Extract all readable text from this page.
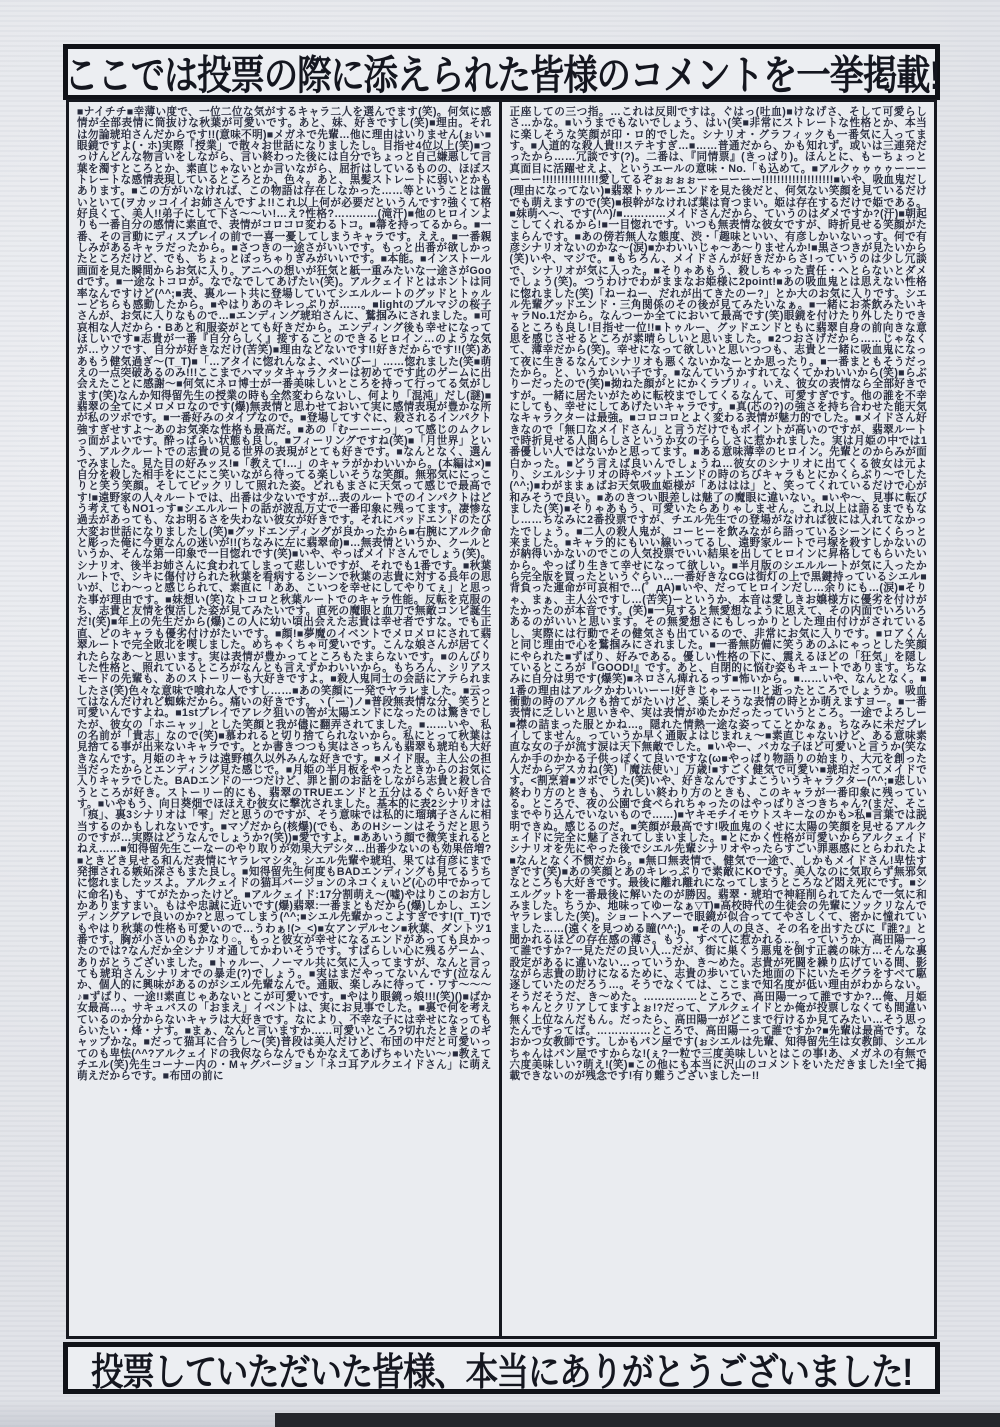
ここでは投票の際に添えられた皆様のコメントを一挙掲載!
■ナイチチ■幸薄い度で、一位二位な気がするキャラ二人を選んでます(笑)。何気に感情が全部表情に筒抜けな秋葉が可愛いです。あと、妹、好きですし(笑)■理由。それは勿論琥珀さんだからです!!(意味不明)■メガネで先輩…他に理由はいりません(ぉい■眼鏡ですよ(・ホ)実際「授業」で散々お世話になりましたし。目指せ4位以上(笑)■つっけんどんな物言いをしながら、言い終わった後には自分でちょっと自己嫌悪して言葉を濁すところとか、素直じゃないとか言いながら、屈折はしているものの、ほぼストレートな感情表現しているところとか、色々。あと、黒髪ストレートに弱いとかもあります。■この方がいなければ、この物語は存在しなかった……等ということは置いといて(ヲカッコイイお姉さんですよ!!これ以上何が必要だというんです?強くて格好良くて、美人!!弟子にして下さ〜〜い!…え?性格?…………(滝汗)■他のヒロインよりも一番自分の感情に素直で、表情がコロコロ変わるトコ。■箒を持ってるから。■一番、その言動にディスプレイの前で一喜一憂してしまうキャラです。ええ。■一番親しみがあるキャラだったから。■さつきの一途さがいいです。もっと出番が欲しかったところだけど、でも、ちょっとぼっちゃりぎみがいいです。■本能。■インストール画面を見た瞬間からお気に入り。アニへの想いが狂気と紙一重みたいな一途さがGoodです。■一途なトコロが。なでなでしてあげたい(笑)。アルクェイドとはホントは同率なんですけど(^^;■表、裏ルート共に登場していてシエルルートのグッドとトゥルーどちらも感動したから。■やはりあのキレっぷりが……。■lightのブルマジの桜子さんが、お気に入りなもので…■エンディング琥珀さんに、鷲掴みにされました。■可哀相な人だから・Bあと和服姿がとても好きだから。エンディング後も幸せになってほしいです■志貴が一番『自分らしく』接することのできるヒロイン…のような気が…ウソです、自分が好きなだけ(苦笑)■理由などないです!!好きだからです!!(笑)ああもう健気過ぎ〜(T_T)■「…アタイに惚れんなよ、べいびー」……惚れました(笑■萌えの一点突破あるのみ!!!ここまでハマッタキャラクターは初めてです此のゲームに出会えたことに感謝〜■何気にネロ博士が一番美味しいところを持って行ってる気がします(笑)なんか知得留先生の授業の時も全然変わらないし、何より「混沌」だし(謎)■翡翠の全てにメロメロなのです(爆)無表情と思わせておいて実に感情表現が豊かな所が私のツボです。■一番好みのタイプなので。■登場してすぐに、殺されるインパクト強すぎせすよ〜あのお気楽な性格も最高だ。■あの「むーーーっ」って感じのムクレっ面がよいです。酔っぱらい状態も良し。■フィーリングですね(笑)■「月世界」という、アルクルートでの志貴の見る世界の表現がとても好きです。■なんとなく、選んでみました。見た目の好みッス!■「教えて!…」のキャラがかわいいから。(本編は×)■自分を殺した相手をにこにこ笑いながら待ってる楽しいそうな笑顔。無邪気ににっこりと笑う笑顔。そしてビックリして照れた姿。どれもまさに天気って感じで最高です!■遠野家の人々ルートでは、出番は少ないですが…表のルートでのインパクトはどう考えてもNO1っす■シエルルートの話が波乱万丈で一番印象に残ってます。凄惨な過去があっても、なお明るさを失わない彼女が好きです。それにバッドエンドのたび大変お世話になりましたし(笑)■グッドエンディングが良かったから■右腕にアルク命と彫った俺に今更なんの迷いが!!(ちなみに左に翡翠命)■…無表情というか、クールというか、そんな第一印象で一目惚れです(笑)■いや、やっぱメイドさんでしょう(笑)。シナリオ、後半お姉さんに食われてしまって悲しいですが、それでも1番です。■秋葉ルートで、シキに傷付けられた秋葉を看病するシーンで秋葉の志貴に対する長年の思いが、じわ〜っと感じられて、素直に「ああ、こいつを幸せにしてやりてぇ」と思った事が理由です。■妹想い(笑)なトコロと秋葉ルートでのキャラ性能。反転を克服のち、志貴と友情を復活した姿が見てみたいです。直死の魔眼と血刀で無敵コンビ誕生だ!(笑)■年上の先生だから(爆)この人に幼い頃出会えた志貴は幸せ者ですな。でも正直、どのキャラも優劣付けがたいです。■顔!■夢魔のイベントでメロメロにされて翡翠ルートで完全敗北を喫しました。めちゃくちゃ可愛いです。こんな娘さんが居てくれたらなあ〜と思います。実は表情が豊かってところもたまらないです。■のんびりした性格と、照れているところがなんとも言えずかわいいから。もちろん、シリアスモードの先輩も、あのストーリーも大好きですよ。■殺人鬼同士の会話にアテられましたさ(笑)色々な意味で喰れな人ですし……■あの笑顔に一発でヤラレました。■云ってはなんだけれど蜘蛛だから。痛いの好きです。ヽ(´ー`)ノ■普段無表情な分、笑うと可愛いんですよね。■1stプレイでアレク狙いの筈が太陽エンドになったのは驚きでしたが、彼女の「ホニャッ」とした笑顔と我が儘に翻弄されてました。■……いや、私の名前が「貴志」なので(笑)■慕われると切り捨てられないから。私にとって秋葉は見捨てる事が出来ないキャラです。とか書きつつも実はさっちんも翡翠も琥珀も大好きなんです。月姫のキャラは遠野槙久以外みんな好きです。■メイド服。主人公の担当だったからとエンディング見た感じで。■月姫の半月板をやったときからのお気に入りキャラでした。BADエンドの一つだけど、罪と罰のお話をしながら志貴と殺し合うところが好き。ストーリー的にも、翡翠のTRUEエンドと五分はるぐらい好きです。■いやもう、向日葵畑でほほえむ彼女に撃沈されました。基本的に表2シナリオは「痕」、裏3シナリオは「雫」だと思うのですが、そう意味では私的に瑠璃子さんに相当するのかもしれないです。■マゾだから(核爆)(でも、あのHシーンはそうだと思うのですが…実際はどうなんでしょうか?(笑))■愛ですよ。■ああいう顔で微笑まれるとねえ……■知得留先生こーなーのやり取りが効果大デシタ…出番少ないのも効果倍増?■ときどき見せる和んだ表情にヤラレマシタ。シエル先輩や琥珀、果ては有彦にまで発揮される嫉妬深さもまた良し。■知得留先生何度もBADエンディングも見てるうちに惚れましたッスよ。アルクェイドの猫耳バージョンのネコくぇいど(心の中でかってに命名)も、すてがたかったけど。■アルクェイド:17分割萌え〜(嘘)やはりこのお方しかありますまい。もはや忠誠に近いです(爆)翡翠:一番まともだから(爆)しかし、エンディングアレで良いのか?と思ってしまう(^^;■シエル先輩かっこよすぎです!(T_T)でもやはり秋葉の性格も可愛いので…うわぁ!(>_<)■女アンデルセン■秋葉、ダントツ1番です。胸が小さいのもかなり○。もっと彼女が幸せになるエンドがあっても良かったのでは?なんだか全シナリオ通してかわいそうです。すばらしい心に残るゲーム、ありがとうございました。■トゥルー、ノーマル共に気に入ってますが、なんと言っても琥珀さんシナリオでの暴走(?)でしょう。■実はまだやってないんです(泣なんか、個人的に興味があるのがシエル先輩なんで。通販、楽しみに待って・ワす〜〜〜♪■ずばり、一途!!素直じゃあないとこが可愛いです。■やはり眼鏡っ娘!!!(笑)()■ばか女最高…。サキュバスの「おまえ」イベントは、実にお見事でした。■裏で何を考えているのか分からないキャラは大好きです。なにより、不幸な子には幸せになってもらいたい・烽・ナす。■まぁ、なんと言いますか……可愛いところ?切れたときとのギャップかな。■だって猫耳に合うし〜(笑)普段は美人だけど、布団の中だと可愛いってのも卑怯(^^?アルクェイドの我侭ならなんでもかなえてあげちゃいたい〜♪■教えてチエル(笑)先生コーナー内の・Mャグバージョン「ネコ耳アルクエイドさん」に萌え萌えだからです。■布団の前に
正座しての三つ指。…これは反則ですは。ぐはっ(吐血)■けなげさ、そして可愛らしさ…かな。■いうまでもないでしょう、はい(笑■非常にストレートな性格とか、本当に楽しそうな笑顔が印・ロ的でした。シナリオ・グラフィックも一番気に入ってます。■人道的な殺人貴!!ステキすぎ…■……普通だから、かも知れず。或いは三連発だったから……冗談です(?)。二番は、『同情票』(きっぱり)。ほんとに、もーちょっと真面目に活躍せえよ、というエールの意味・No.「も込めて。■アルクゥゥゥゥーーーーーー!!!!!!!!!!!!!!!愛してるぞぉぉぉぉーーーーーー!!!!!!!!!!!!!!!!!!!■いや、吸血鬼だし(理由になってない)■翡翠トゥルーエンドを見た後だと、何気ない笑顔を見ているだけでも萌えますので(笑)■根幹がなければ葉は育つまい。姫は存在するだけで姫である。■妹萌へ〜、です(^^)/■…………メイドさんだから、ていうのはダメですか?(汗)■朝起こしてくれるから!■一目惚れです。いつも無表情な彼女ですが、時折見せる笑顔がたまらんです。■あの傍若無人な態度、渋・「趣味といい、有彦しかいないっす。何で有彦シナリオないのかな〜(涙)■かわいいじゃ〜あ〜りませんか!■黒さつきが見たいから(笑)いや、マジで。■もちろん、メイドさんが好きだからさ!っていうのは少し冗談で、シナリオが気に入った。■そりゃあもう、殺しちゃった責任・ヘとらないとダメでしょう(笑)。つうわけでわがままなお姫様に2point!■あの吸血鬼とは思えない性格に惚れました(笑)「ねーねー、だれが出てきたのー?」とか大のお気に入りです。シエル先輩グッドエンド・三角関係のその後が見てみたいなぁ。■一緒にお茶飲みたいキャラNo.1だから。なんつーか全てにおいて最高です(笑)眼鏡を付けたり外したりできるところも良し!目指せ一位!!■トゥルー、グッドエンドともに翡翠自身の前向きな意思を感じさせるところが素晴らしいと思いました。■2つおさげだから……じゃなくて、薄幸だから(笑)。幸せになって欲しいと思いつつも、志貴と一緒に吸血鬼になって夜に生きるなんてシナリオも悪くないかなーとか思ったり。■一番まともそうだったから。と、いうかいい子です。■なんていうかすれてなくてかわいいから(笑)■らぶりーだったので(笑)■拗ねた顔がとにかくラブリィ。いえ、彼女の表情なら全部好きですが。一緒に居たいがために転校までしてくるなんて、可愛すぎです。他の誰を不幸にしても、幸せにしてあげたいキャラです。■真(芯の?)の強さを持ち合わせた能天気なキャラクターは最強。■コロコロとよく変わる表情が魅力的でした。■メイドさん好きなので「無口なメイドさん」と言うだけでもポイントが高いのですが、翡翠ルートで時折見せる人間らしさというか女の子らしさに惹かれました。実は月姫の中では1番優しい人ではないかと思ってます。■ある意味薄幸のヒロイン。先輩とのからみが面白かった。■どう言えば良いんでしょうね…彼女のシナリオに出てくる彼女は元より、シエルシナリオの時やバットエンドの時のちびキャラもとにかくらぶり〜でした(^^;)■わがままぁばお天気吸血姫様が「あははは」と、笑ってくれているだけで心が和みそうで良い。■あのきつい眼差しは魅了の魔眼に違いない。■いや〜、見事に転びました(笑)■そりゃあもう、可愛いたらありゃしません。これ以上は語るまでもなし……ちなみに2番投票ですが、チエル先生での登場がなければ彼には入れてなかったでしょう。■二人の殺人鬼が、コーヒーを飲みながら語っているシーンにくらっと来ました。■キャラ的にもいい線いってるし、遠野家ルートで弓塚を殺すしかないのが納得いかないのでこの人気投票でいい結果を出してヒロインに昇格してもらいたいから。やっぱり生きて幸せになって欲しい。■半月版のシエルルートが気に入ったから完全版を買ったというぐらい…一番好きなCGは街灯の上で黒鍵持っているシエル■背負った運命が可哀相で…(゜дА)■いや、だってヒロインだし…余りにも…(涙)■そりゃ、まぁ、主人公ですし…(苦笑)ーというか、本音は愛しきお嬢様方に優劣を付けがたかったのが本音です。(笑)■一見すると無愛想なように思えて、その内面でいろいろあるのがいいと思います。その無愛想さにもしっかりとした理由付けがされているし、実際には行動でその健気さも出ているので、非常にお気に入りです。■ロアくんと同じ理由で心を鷲掴みにされました。■一番無防備に笑うあのふにゃっとした笑顔にやられた■ずばり、好みである。優しい性格の下に、震えるほどの「狂気」を隠しているところが『GOOD!』です。あと、自閉的に悩む姿もキュートであります。ちなみに自分は男です(爆笑)■ネロさん痺れるっす■怖いから。■……いや、なんとなく。■1番の理由はアルクかわいいーー!好きじゃーーー!!と逝ったところでしょうか。吸血衝動の時のアルクも捨てがたいけど、楽しそうな表情の時とか萌えますヨー。■一番表情に乏しいと思いきや、実は表情がゆたかだったっていうところ。一途でよろしー■襟の詰まった服とかね…。隠れた情熱一途な姿ってことかなぁ。ちなみに未だプレイしてません。っていうか早く通販よはじまれぇ〜■素直じゃないけど、ある意味素直な女の子が流す涙は天下無敵でした。■いやー、バカな子ほど可愛いと言うか(笑なんか手のかかる子供っぽくて良いですな(ω■やっぱり物語りの始まり、大元を創った人だからデスカね(笑)「魔法使い」万歳!■すごく健気で可愛い■琥珀だってメイドです。<割烹着■ツボでした(笑)いや、好きなんですよこういうキャラクター(^^;■悲しい終わり方のときも、うれしい終わり方のときも、このキャラが一番印象に残っている。ところで、夜の公園で食べられちゃったのはやっぱりさつきちゃん?(まだ、そこまでやり込んでいないもので……)■ヤキモチイモウトスキーなのかも>私■言葉では説明できぬ。感じるのだ。■笑顔が最高です!吸血鬼のくせに太陽の笑顔を見せるアルクェイドに完全に魅了されてしまいました。■とにかく性格が可愛いからアルクェイドシナリオを先にやった後でシエル先輩シナリオやったらすごい罪悪感にとらわれたよ■なんとなく不憫だから。■無口無表情で、健気で一途で、しかもメイドさん!卑怯すぎです(笑)■あの笑顔とあのキレっぷりで素敵にKOです。美人なのに気取らず無邪気なところも大好きです。最後に離れ離れになってしまうところなど悶え死にです。■シエルグットを一番最後に解いたのが勝因。翡翠・琥珀で神経削られてたんで一気に和みました。ちうか、地味ってゆーなぁ▽T)■高校時代の生徒会の先輩にソックリなんでヤラレました(笑)。ショートヘアーで眼鏡が似合っててやさしくて、密かに憧れていました……(遠くを見つめる瞳(^^;)。■その人の良さ、その名を出すたびに『誰?』と聞かれるほどの存在感の薄さ。もう、すべてに惹かれる…。っていうか、高田陽一って誰ですか?一見ただの良い人…だが、街に巣くう悪鬼を倒す正義の味方…そんな裏設定があるに違いない…っていうか、き〜めた。志貴が死闘を繰り広げている間、影ながら志貴の助けになるために、志貴の歩いていた地面の下にいたモグラをすべて駆逐していたのだろう…。そうでなくては、ここまで知名度が低い理由がわからない。そうだそうだ、き〜めた。……………ところで、高田陽一って誰ですか?…俺、月姫ちゃんとクリアしてますよぉ!?だって、アルクェイドとか俺が投票しなくても間違い無く上位なんだもん。だったら、高田陽一がどこまで行けるか見てみたい…そう思ったんですってば。……………ところで、高田陽一って誰ですか?■先輩は最高です。なおかつ女教師です。しかもパン屋です(ぉシエルは先輩、知得留先生は女教師、シエルちゃんはパン屋ですからな!(ぇ?一粒で三度美味しいとはこの事!あ、メガネの有無で六度美味しい?萌え!(笑)■この他にも本当に沢山のコメントをいただきました!全て掲載できないのが残念です!有り難うございましたー!!
投票していただいた皆様、本当にありがとうございました!
